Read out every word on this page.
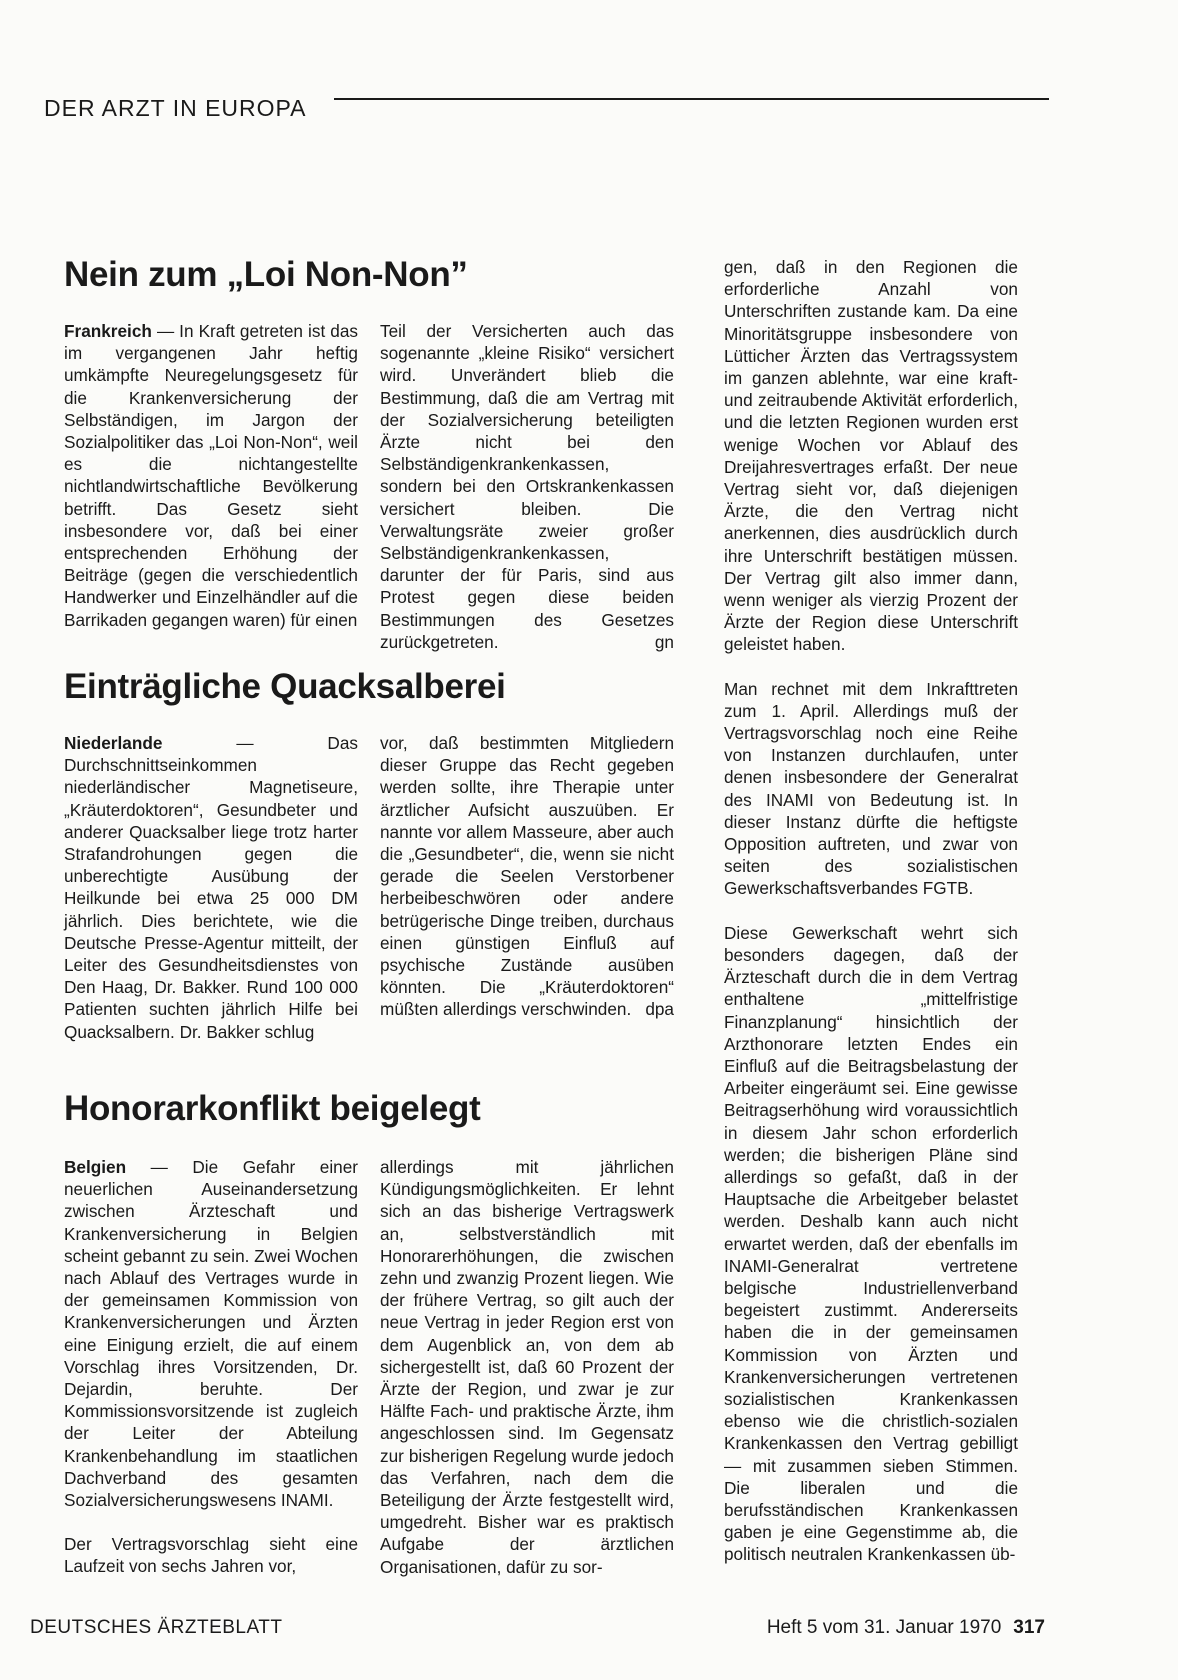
DER ARZT IN EUROPA
Nein zum „Loi Non-Non”

Frankreich — In Kraft getreten ist das im vergangenen Jahr heftig umkämpfte Neuregelungsgesetz für die Krankenversicherung der Selbständigen, im Jargon der Sozialpolitiker das „Loi Non-Non“, weil es die nichtangestellte nichtlandwirtschaftliche Bevölkerung betrifft. Das Gesetz sieht insbesondere vor, daß bei einer entsprechenden Erhöhung der Beiträge (gegen die verschiedentlich Handwerker und Einzelhändler auf die Barrikaden gegangen waren) für einen

Teil der Versicherten auch das sogenannte „kleine Risiko“ versichert wird. Unverändert blieb die Bestimmung, daß die am Vertrag mit der Sozialversicherung beteiligten Ärzte nicht bei den Selbständigenkrankenkassen, sondern bei den Ortskrankenkassen versichert bleiben. Die Verwaltungsräte zweier großer Selbständigenkrankenkassen, darunter der für Paris, sind aus Protest gegen diese beiden Bestimmungen des Gesetzes zurückgetreten.	gn

Einträgliche Quacksalberei

Niederlande — Das Durchschnittseinkommen niederländischer Magnetiseure, „Kräuterdoktoren“, Gesundbeter und anderer Quacksalber liege trotz harter Strafandrohungen gegen die unberechtigte Ausübung der Heilkunde bei etwa 25 000 DM jährlich. Dies berichtete, wie die Deutsche Presse-Agentur mitteilt, der Leiter des Gesundheitsdienstes von Den Haag, Dr. Bakker. Rund 100 000 Patienten suchten jährlich Hilfe bei Quacksalbern. Dr. Bakker schlug

vor, daß bestimmten Mitgliedern dieser Gruppe das Recht gegeben werden sollte, ihre Therapie unter ärztlicher Aufsicht auszuüben. Er nannte vor allem Masseure, aber auch die „Gesundbeter“, die, wenn sie nicht gerade die Seelen Verstorbener herbeibeschwören oder andere betrügerische Dinge treiben, durchaus einen günstigen Einfluß auf psychische Zustände ausüben könnten. Die „Kräuterdoktoren“ müßten allerdings verschwinden. dpa

Honorarkonflikt beigelegt

Belgien — Die Gefahr einer neuerlichen Auseinandersetzung zwischen Ärzteschaft und Krankenversicherung in Belgien scheint gebannt zu sein. Zwei Wochen nach Ablauf des Vertrages wurde in der gemeinsamen Kommission von Krankenversicherungen und Ärzten eine Einigung erzielt, die auf einem Vorschlag ihres Vorsitzenden, Dr. Dejardin, beruhte. Der Kommissionsvorsitzende ist zugleich der Leiter der Abteilung Krankenbehandlung im staatlichen Dachverband des gesamten Sozialversicherungswesens INAMI.

Der Vertragsvorschlag sieht eine Laufzeit von sechs Jahren vor,

allerdings mit jährlichen Kündigungsmöglichkeiten. Er lehnt sich an das bisherige Vertragswerk an, selbstverständlich mit Honorarerhöhungen, die zwischen zehn und zwanzig Prozent liegen. Wie der frühere Vertrag, so gilt auch der neue Vertrag in jeder Region erst von dem Augenblick an, von dem ab sichergestellt ist, daß 60 Prozent der Ärzte der Region, und zwar je zur Hälfte Fach- und praktische Ärzte, ihm angeschlossen sind. Im Gegensatz zur bisherigen Regelung wurde jedoch das Verfahren, nach dem die Beteiligung der Ärzte festgestellt wird, umgedreht. Bisher war es praktisch Aufgabe der ärztlichen Organisationen, dafür zu sor-

gen, daß in den Regionen die erforderliche Anzahl von Unterschriften zustande kam. Da eine Minoritätsgruppe insbesondere von Lütticher Ärzten das Vertragssystem im ganzen ablehnte, war eine kraft- und zeitraubende Aktivität erforderlich, und die letzten Regionen wurden erst wenige Wochen vor Ablauf des Dreijahresvertrages erfaßt. Der neue Vertrag sieht vor, daß diejenigen Ärzte, die den Vertrag nicht anerkennen, dies ausdrücklich durch ihre Unterschrift bestätigen müssen. Der Vertrag gilt also immer dann, wenn weniger als vierzig Prozent der Ärzte der Region diese Unterschrift geleistet haben.

Man rechnet mit dem Inkrafttreten zum 1. April. Allerdings muß der Vertragsvorschlag noch eine Reihe von Instanzen durchlaufen, unter denen insbesondere der Generalrat des INAMI von Bedeutung ist. In dieser Instanz dürfte die heftigste Opposition auftreten, und zwar von seiten des sozialistischen Gewerkschaftsverbandes FGTB.

Diese Gewerkschaft wehrt sich besonders dagegen, daß der Ärzteschaft durch die in dem Vertrag enthaltene „mittelfristige Finanzplanung“ hinsichtlich der Arzthonorare letzten Endes ein Einfluß auf die Beitragsbelastung der Arbeiter eingeräumt sei. Eine gewisse Beitragserhöhung wird voraussichtlich in diesem Jahr schon erforderlich werden; die bisherigen Pläne sind allerdings so gefaßt, daß in der Hauptsache die Arbeitgeber belastet werden. Deshalb kann auch nicht erwartet werden, daß der ebenfalls im INAMI-Generalrat vertretene belgische Industriellenverband begeistert zustimmt. Andererseits haben die in der gemeinsamen Kommission von Ärzten und Krankenversicherungen vertretenen sozialistischen Krankenkassen ebenso wie die christlich-sozialen Krankenkassen den Vertrag gebilligt — mit zusammen sieben Stimmen. Die liberalen und die berufsständischen Krankenkassen gaben je eine Gegenstimme ab, die politisch neutralen Krankenkassen üb-

DEUTSCHES ÄRZTEBLATT	Heft 5 vom 31. Januar 1970 317
